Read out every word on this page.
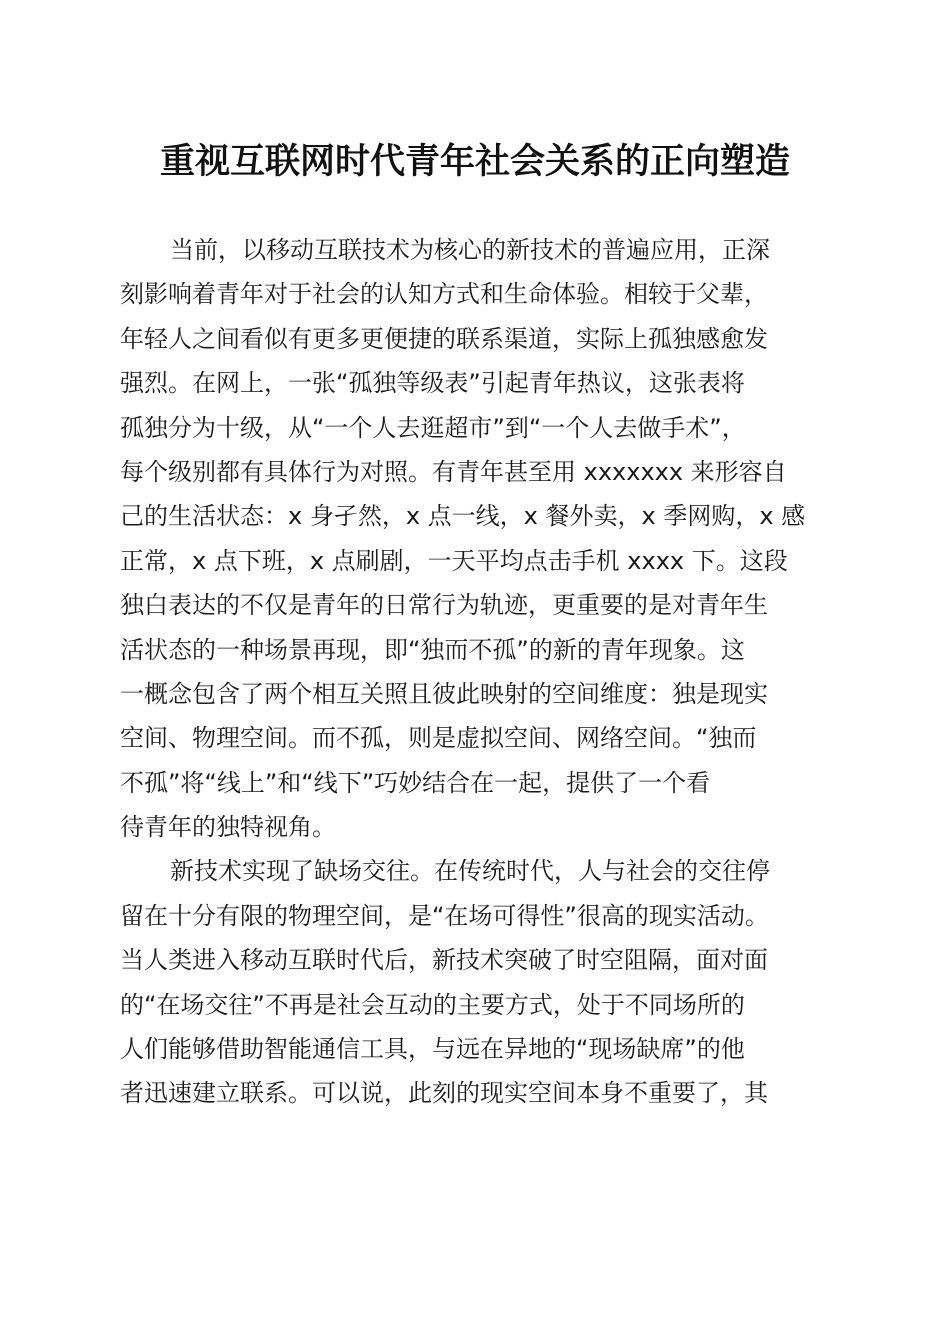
重视互联网时代青年社会关系的正向塑造
当前，以移动互联技术为核心的新技术的普遍应用，正深
刻影响着青年对于社会的认知方式和生命体验。相较于父辈，
年轻人之间看似有更多更便捷的联系渠道，实际上孤独感愈发
强烈。在网上，一张“孤独等级表”引起青年热议，这张表将
孤独分为十级，从“一个人去逛超市”到“一个人去做手术”，
每个级别都有具体行为对照。有青年甚至用 xxxxxxx 来形容自
己的生活状态：x 身孑然，x 点一线，x 餐外卖，x 季网购，x 感
正常，x 点下班，x 点刷剧，一天平均点击手机 xxxx 下。这段
独白表达的不仅是青年的日常行为轨迹，更重要的是对青年生
活状态的一种场景再现，即“独而不孤”的新的青年现象。这
一概念包含了两个相互关照且彼此映射的空间维度：独是现实
空间、物理空间。而不孤，则是虚拟空间、网络空间。“独而
不孤”将“线上”和“线下”巧妙结合在一起，提供了一个看
待青年的独特视角。
新技术实现了缺场交往。在传统时代，人与社会的交往停
留在十分有限的物理空间，是“在场可得性”很高的现实活动。
当人类进入移动互联时代后，新技术突破了时空阻隔，面对面
的“在场交往”不再是社会互动的主要方式，处于不同场所的
人们能够借助智能通信工具，与远在异地的“现场缺席”的他
者迅速建立联系。可以说，此刻的现实空间本身不重要了，其
